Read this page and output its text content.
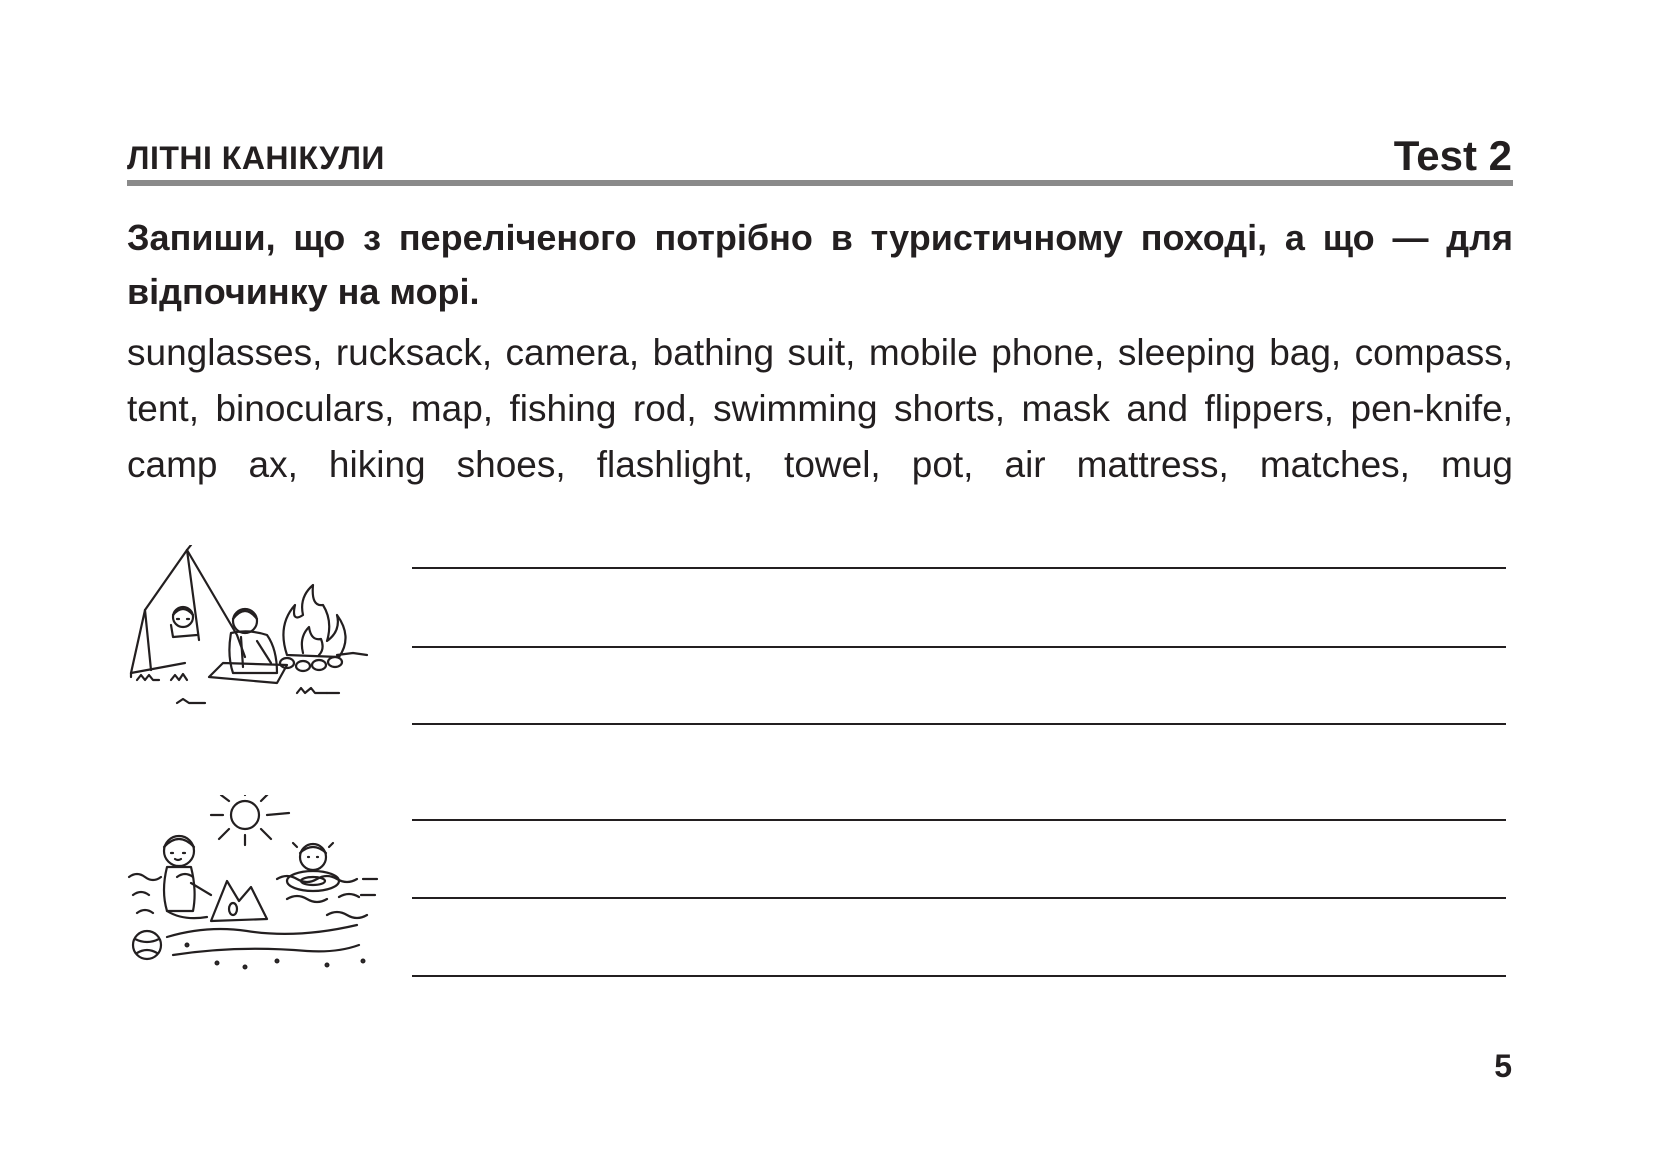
ЛІТНІ КАНІКУЛИ	Test 2
Запиши, що з переліченого потрібно в туристичному поході, а що — для відпочинку на морі.
sunglasses, rucksack, camera, bathing suit, mobile phone, sleeping bag, compass, tent, binoculars, map, fishing rod, swimming shorts, mask and flippers, pen-knife, camp ax, hiking shoes, flashlight, towel, pot, air mattress, matches, mug
5
